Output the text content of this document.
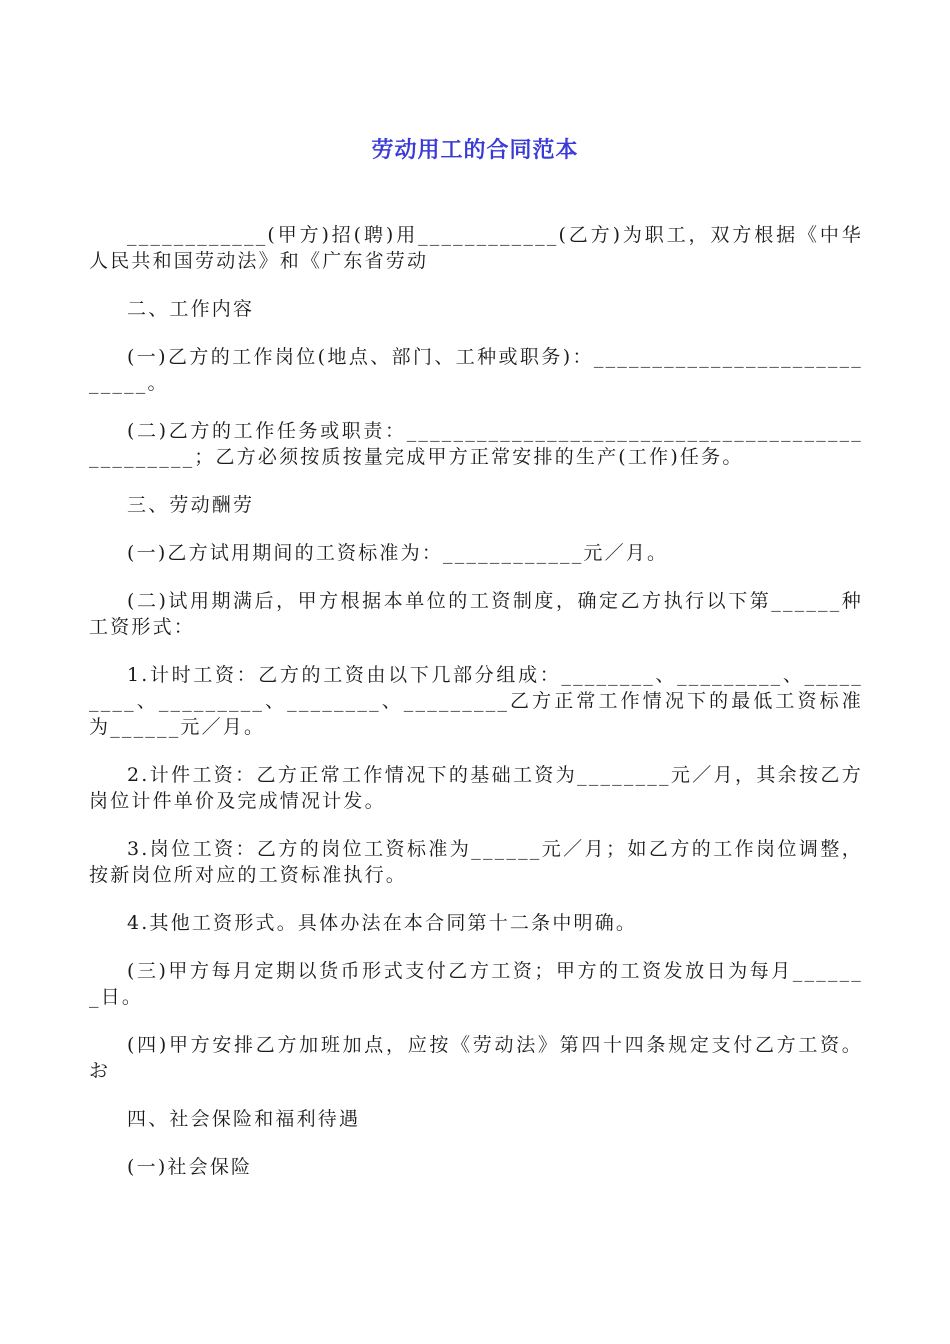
劳动用工的合同范本

____________(甲方)招(聘)用____________(乙方)为职工，双方根据《中华人民共和国劳动法》和《广东省劳动

二、工作内容

(一)乙方的工作岗位(地点、部门、工种或职务)：____________________________。

(二)乙方的工作任务或职责：________________________________________________；乙方必须按质按量完成甲方正常安排的生产(工作)任务。

三、劳动酬劳

(一)乙方试用期间的工资标准为：____________元／月。

(二)试用期满后，甲方根据本单位的工资制度，确定乙方执行以下第______种工资形式：

1.计时工资：乙方的工资由以下几部分组成：________、_________、_________、_________、________、_________乙方正常工作情况下的最低工资标准为______元／月。

2.计件工资：乙方正常工作情况下的基础工资为________元／月，其余按乙方岗位计件单价及完成情况计发。

3.岗位工资：乙方的岗位工资标准为______元／月；如乙方的工作岗位调整，按新岗位所对应的工资标准执行。

4.其他工资形式。具体办法在本合同第十二条中明确。

(三)甲方每月定期以货币形式支付乙方工资；甲方的工资发放日为每月_______日。

(四)甲方安排乙方加班加点，应按《劳动法》第四十四条规定支付乙方工资。お

四、社会保险和福利待遇

(一)社会保险
